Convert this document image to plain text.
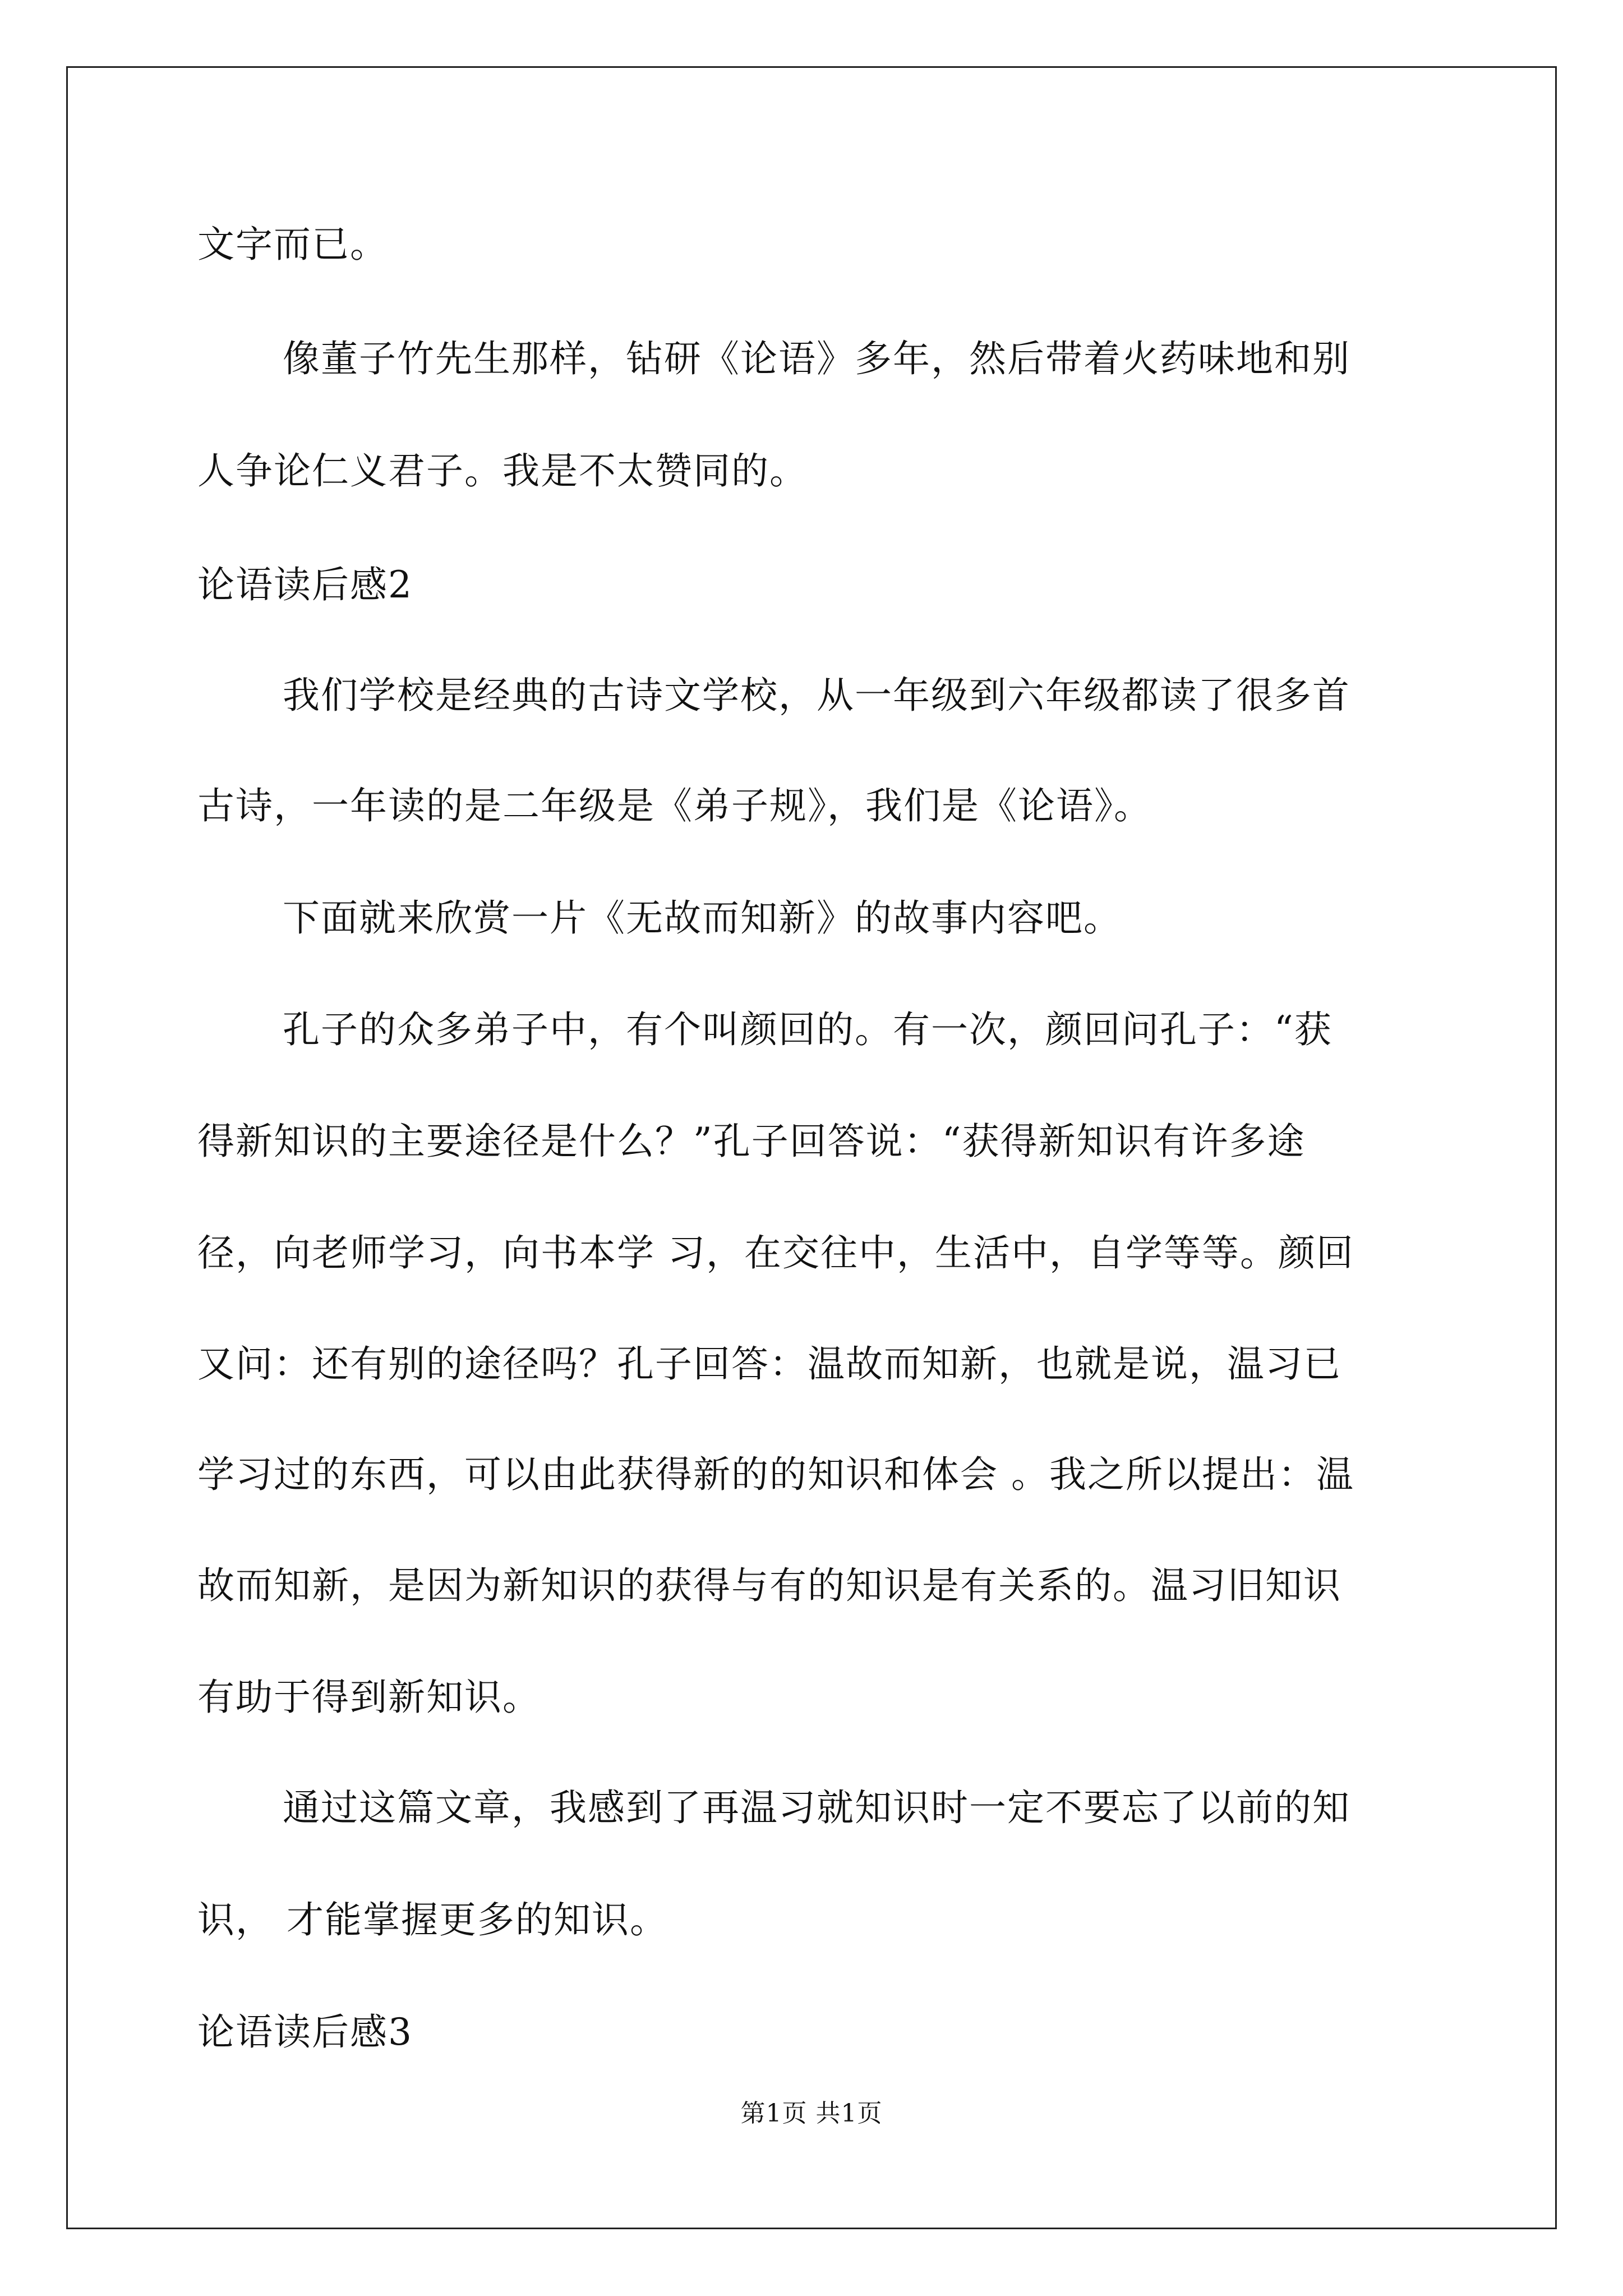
文字而已。
像董子竹先生那样，钻研《论语》多年，然后带着火药味地和别
人争论仁义君子。我是不太赞同的。
论语读后感2
我们学校是经典的古诗文学校，从一年级到六年级都读了很多首
古诗，一年读的是二年级是《弟子规》，我们是《论语》。
下面就来欣赏一片《无故而知新》的故事内容吧。
孔子的众多弟子中，有个叫颜回的。有一次，颜回问孔子：“获
得新知识的主要途径是什么？”孔子回答说：“获得新知识有许多途
径，向老师学习，向书本学 习，在交往中，生活中，自学等等。颜回
又问：还有别的途径吗？孔子回答：温故而知新，也就是说，温习已
学习过的东西，可以由此获得新的的知识和体会 。我之所以提出：温
故而知新，是因为新知识的获得与有的知识是有关系的。温习旧知识
有助于得到新知识。
通过这篇文章，我感到了再温习就知识时一定不要忘了以前的知
识， 才能掌握更多的知识。
论语读后感3
第1页 共1页
